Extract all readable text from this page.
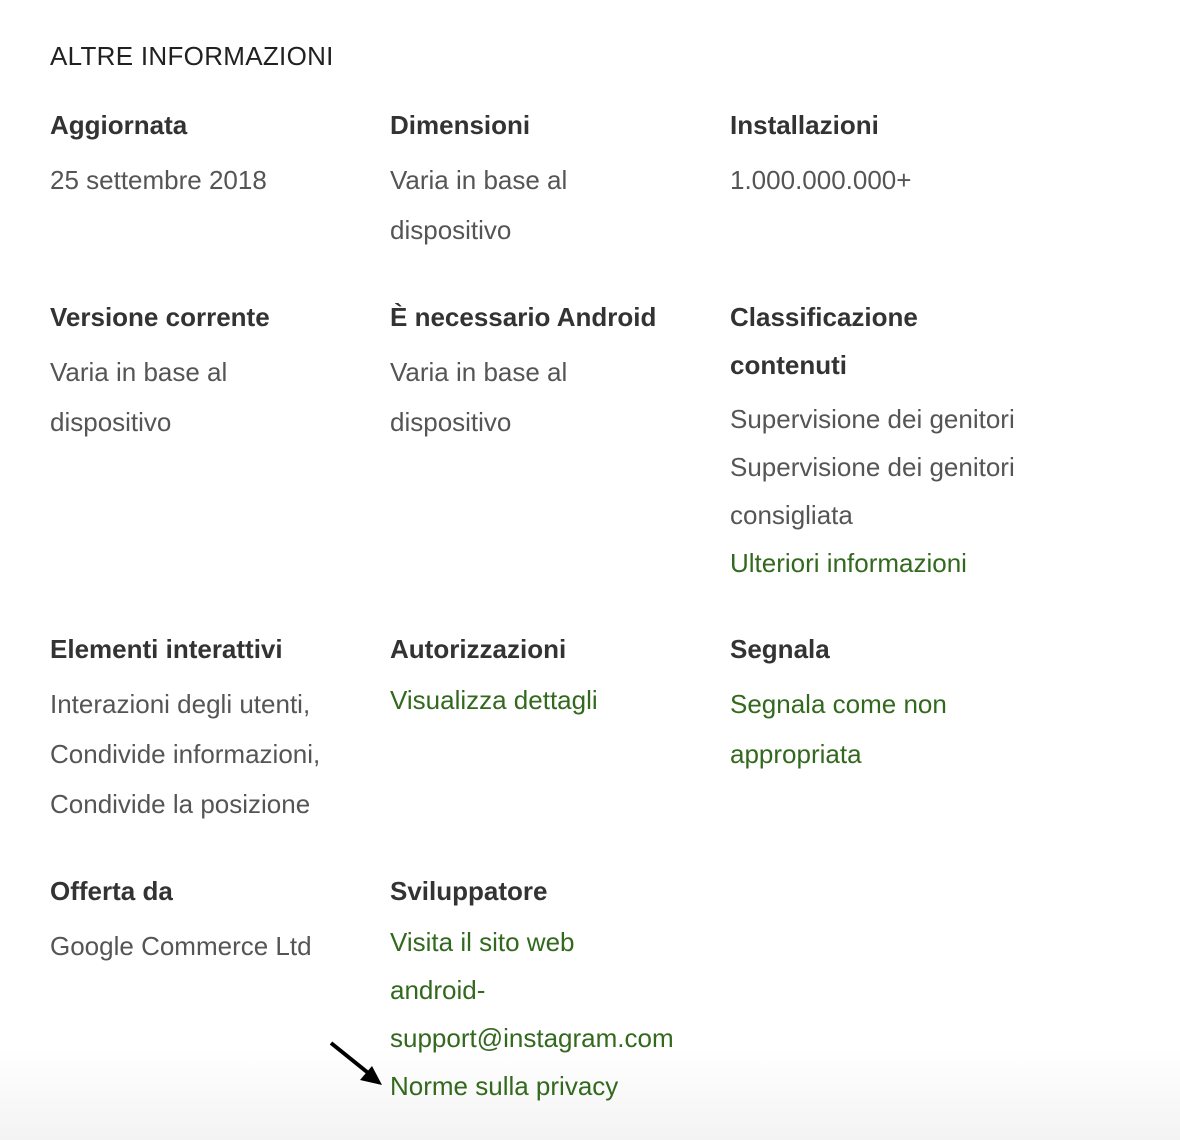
ALTRE INFORMAZIONI
Aggiornata
25 settembre 2018
Dimensioni
Varia in base al
dispositivo
Installazioni
1.000.000.000+
Versione corrente
Varia in base al
dispositivo
È necessario Android
Varia in base al
dispositivo
Classificazione
contenuti
Supervisione dei genitori
Supervisione dei genitori
consigliata
Ulteriori informazioni
Elementi interattivi
Interazioni degli utenti,
Condivide informazioni,
Condivide la posizione
Autorizzazioni
Visualizza dettagli
Segnala
Segnala come non
appropriata
Offerta da
Google Commerce Ltd
Sviluppatore
Visita il sito web
android-
support@instagram.com
Norme sulla privacy
